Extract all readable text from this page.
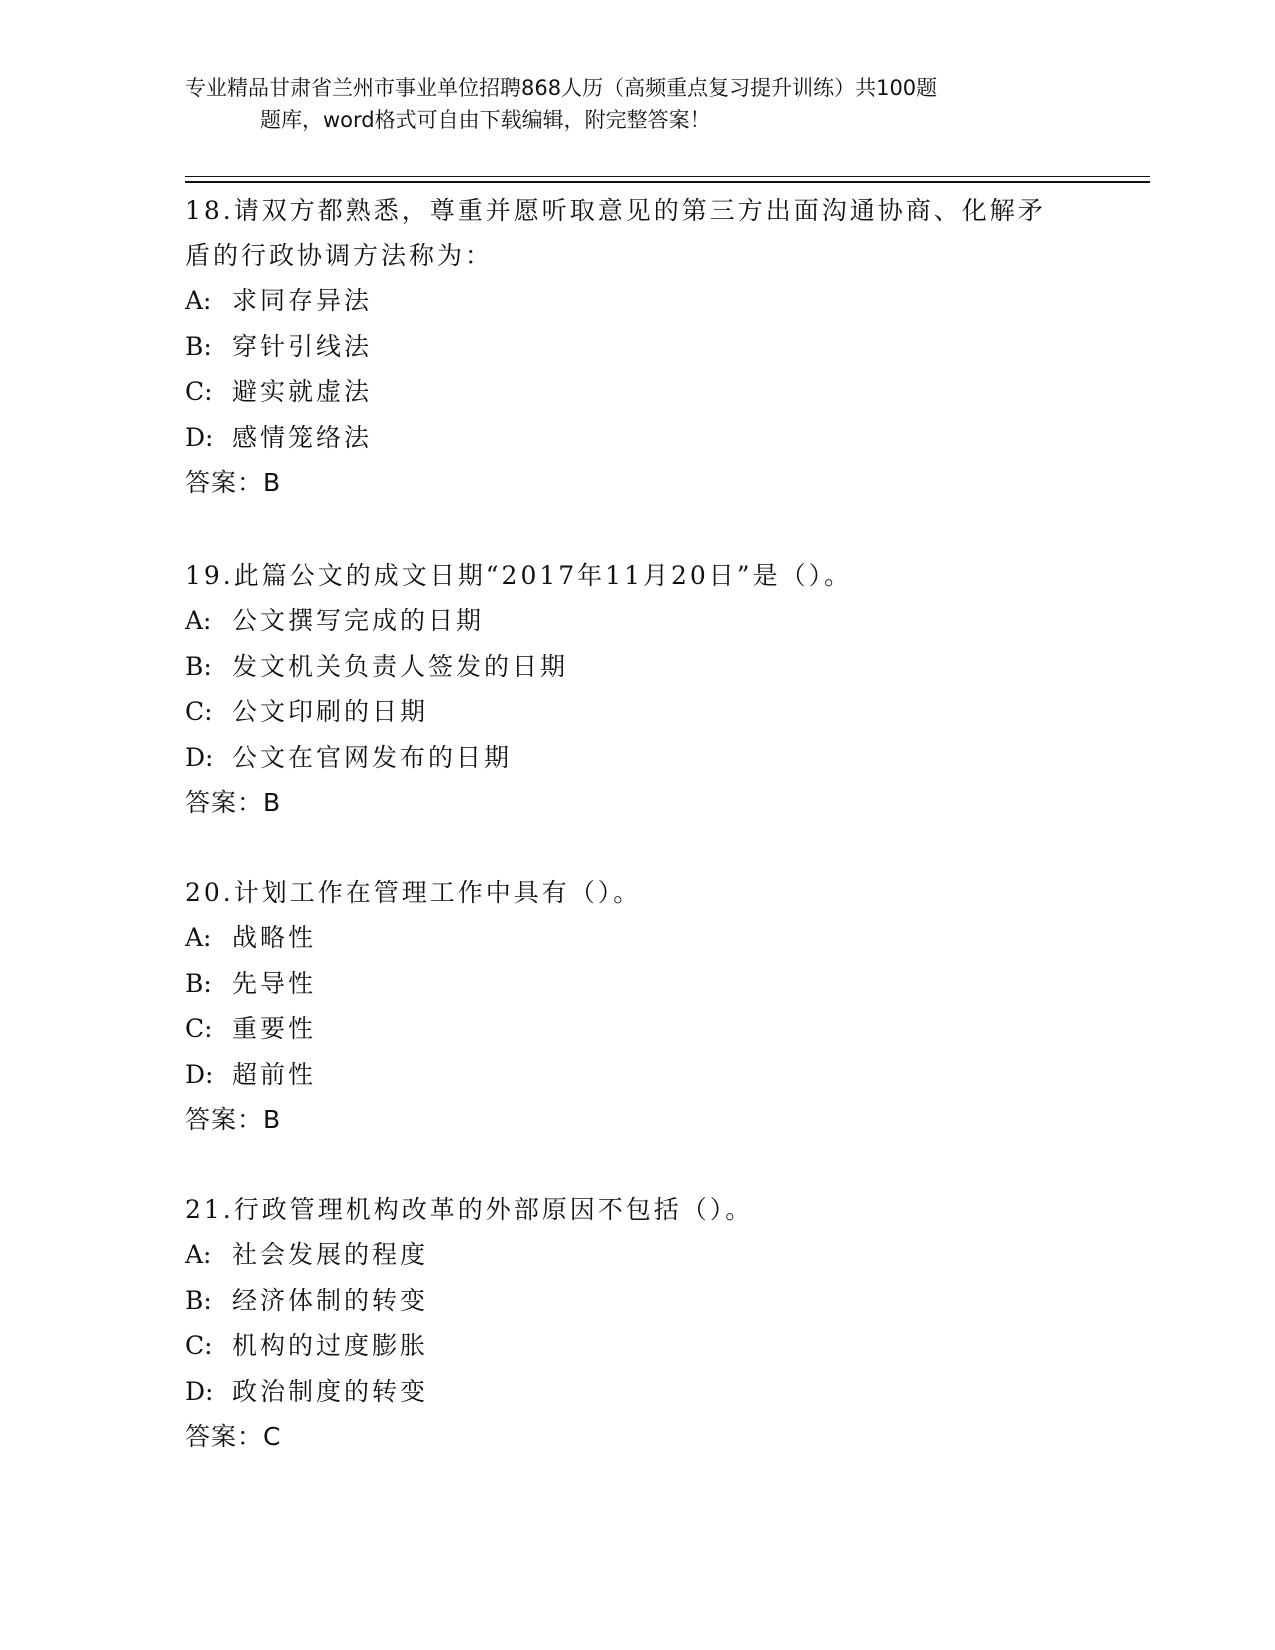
专业精品甘肃省兰州市事业单位招聘868人历（高频重点复习提升训练）共100题
题库，word格式可自由下载编辑，附完整答案！
18.请双方都熟悉，尊重并愿听取意见的第三方出面沟通协商、化解矛
盾的行政协调方法称为：
A: 求同存异法
B: 穿针引线法
C: 避实就虚法
D: 感情笼络法
答案：B
19.此篇公文的成文日期“2017年11月20日”是（）。
A: 公文撰写完成的日期
B: 发文机关负责人签发的日期
C: 公文印刷的日期
D: 公文在官网发布的日期
答案：B
20.计划工作在管理工作中具有（）。
A: 战略性
B: 先导性
C: 重要性
D: 超前性
答案：B
21.行政管理机构改革的外部原因不包括（）。
A: 社会发展的程度
B: 经济体制的转变
C: 机构的过度膨胀
D: 政治制度的转变
答案：C
